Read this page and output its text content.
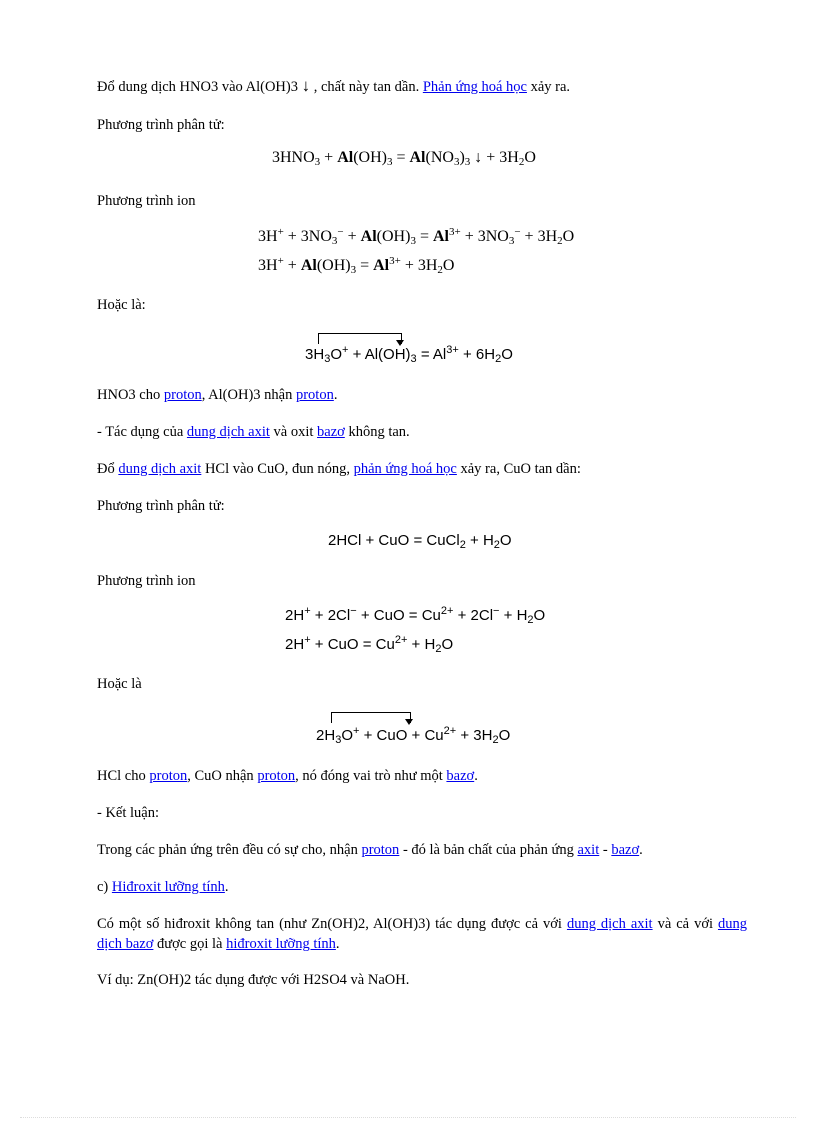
Đổ dung dịch HNO3 vào Al(OH)3 ↓ , chất này tan dần. Phản ứng hoá học xảy ra.
Phương trình phân tử:
$3HNO_3 + Al(OH)_3 = Al(NO_3)_3$ ↓ + $3H_2O$
Phương trình ion
$3H^+ + 3NO_3^- + Al(OH)_3 = Al^{3+} + 3NO_3^- + 3H_2O$
$3H^+ + Al(OH)_3 = Al^{3+} + 3H_2O$
Hoặc là:
$3H_3O^+ + Al(OH)_3 = Al^{3+} + 6H_2O$
HNO3 cho proton, Al(OH)3 nhận proton.
- Tác dụng của dung dịch axit và oxit bazơ không tan.
Đổ dung dịch axit HCl vào CuO, đun nóng, phản ứng hoá học xảy ra, CuO tan dần:
Phương trình phân tử:
2HCl + CuO = CuCl$_2$ + $H_2O$
Phương trình ion
2H+ + 2Cl− + CuO = $Cu^{2+} + 2Cl^- + H_2O$
2H+ + CuO = $Cu^{2+} + H_2O$
Hoặc là
$2H_3O^+$ + CuO + $Cu^{2+} + 3H_2O$
HCl cho proton, CuO nhận proton, nó đóng vai trò như một bazơ.
- Kết luận:
Trong các phản ứng trên đều có sự cho, nhận proton - đó là bản chất của phản ứng axit - bazơ.
c) Hiđroxit lưỡng tính.
Có một số hiđroxit không tan (như Zn(OH)2, Al(OH)3) tác dụng được cả với dung dịch axit và cả với dung dịch bazơ được gọi là hiđroxit lưỡng tính.
Ví dụ: Zn(OH)2 tác dụng được với H2SO4 và NaOH.
